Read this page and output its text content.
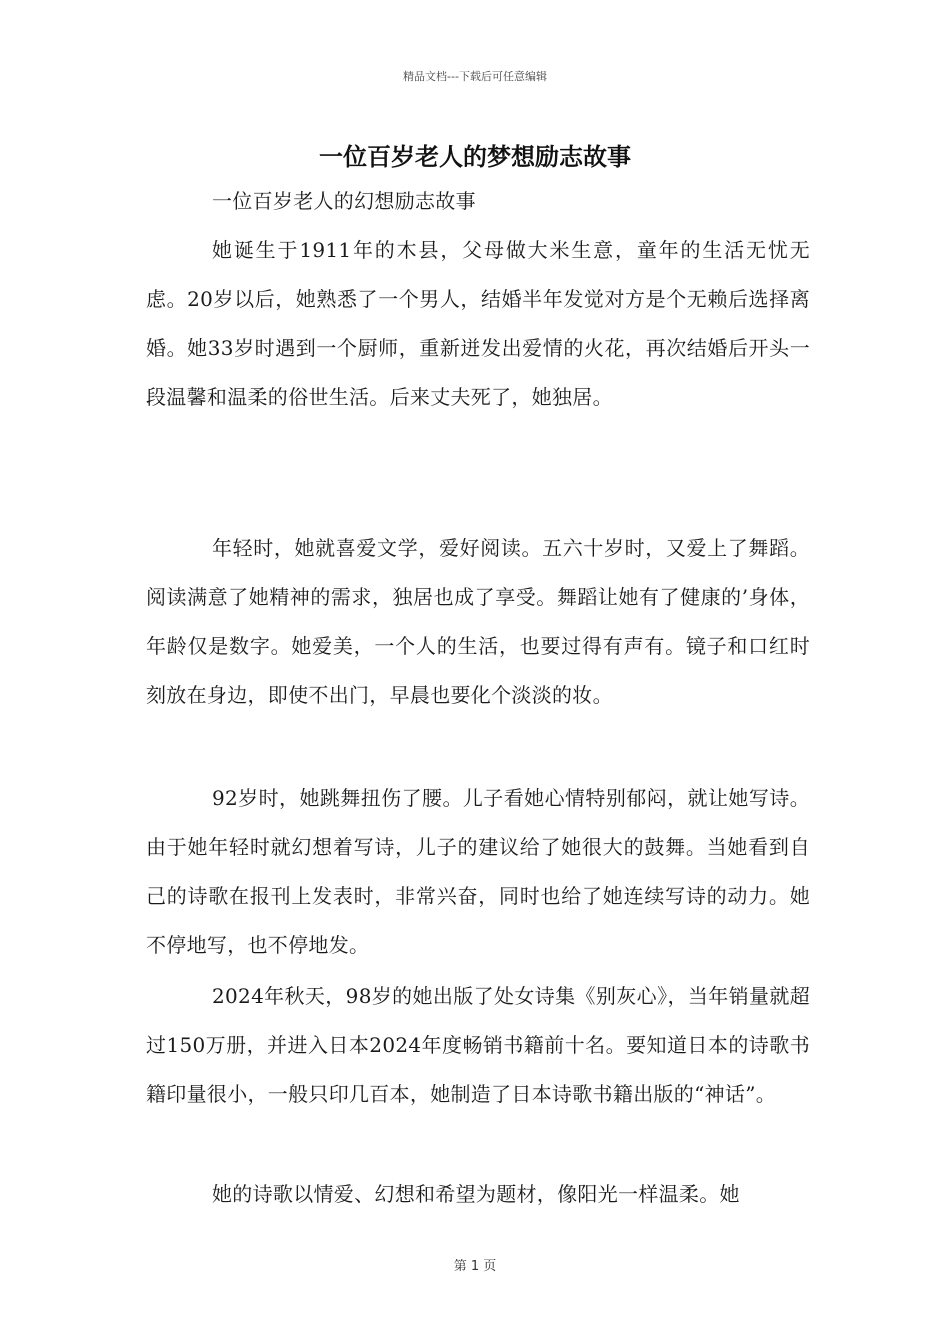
精品文档---下载后可任意编辑
一位百岁老人的梦想励志故事

一位百岁老人的幻想励志故事

她诞生于1911年的木县，父母做大米生意，童年的生活无忧无虑。20岁以后，她熟悉了一个男人，结婚半年发觉对方是个无赖后选择离婚。她33岁时遇到一个厨师，重新迸发出爱情的火花，再次结婚后开头一段温馨和温柔的俗世生活。后来丈夫死了，她独居。

年轻时，她就喜爱文学，爱好阅读。五六十岁时，又爱上了舞蹈。阅读满意了她精神的需求，独居也成了享受。舞蹈让她有了健康的’身体，年龄仅是数字。她爱美，一个人的生活，也要过得有声有。镜子和口红时刻放在身边，即使不出门，早晨也要化个淡淡的妆。

92岁时，她跳舞扭伤了腰。儿子看她心情特别郁闷，就让她写诗。由于她年轻时就幻想着写诗，儿子的建议给了她很大的鼓舞。当她看到自己的诗歌在报刊上发表时，非常兴奋，同时也给了她连续写诗的动力。她不停地写，也不停地发。

2024年秋天，98岁的她出版了处女诗集《别灰心》，当年销量就超过150万册，并进入日本2024年度畅销书籍前十名。要知道日本的诗歌书籍印量很小，一般只印几百本，她制造了日本诗歌书籍出版的“神话”。

她的诗歌以情爱、幻想和希望为题材，像阳光一样温柔。她

第 1 页
